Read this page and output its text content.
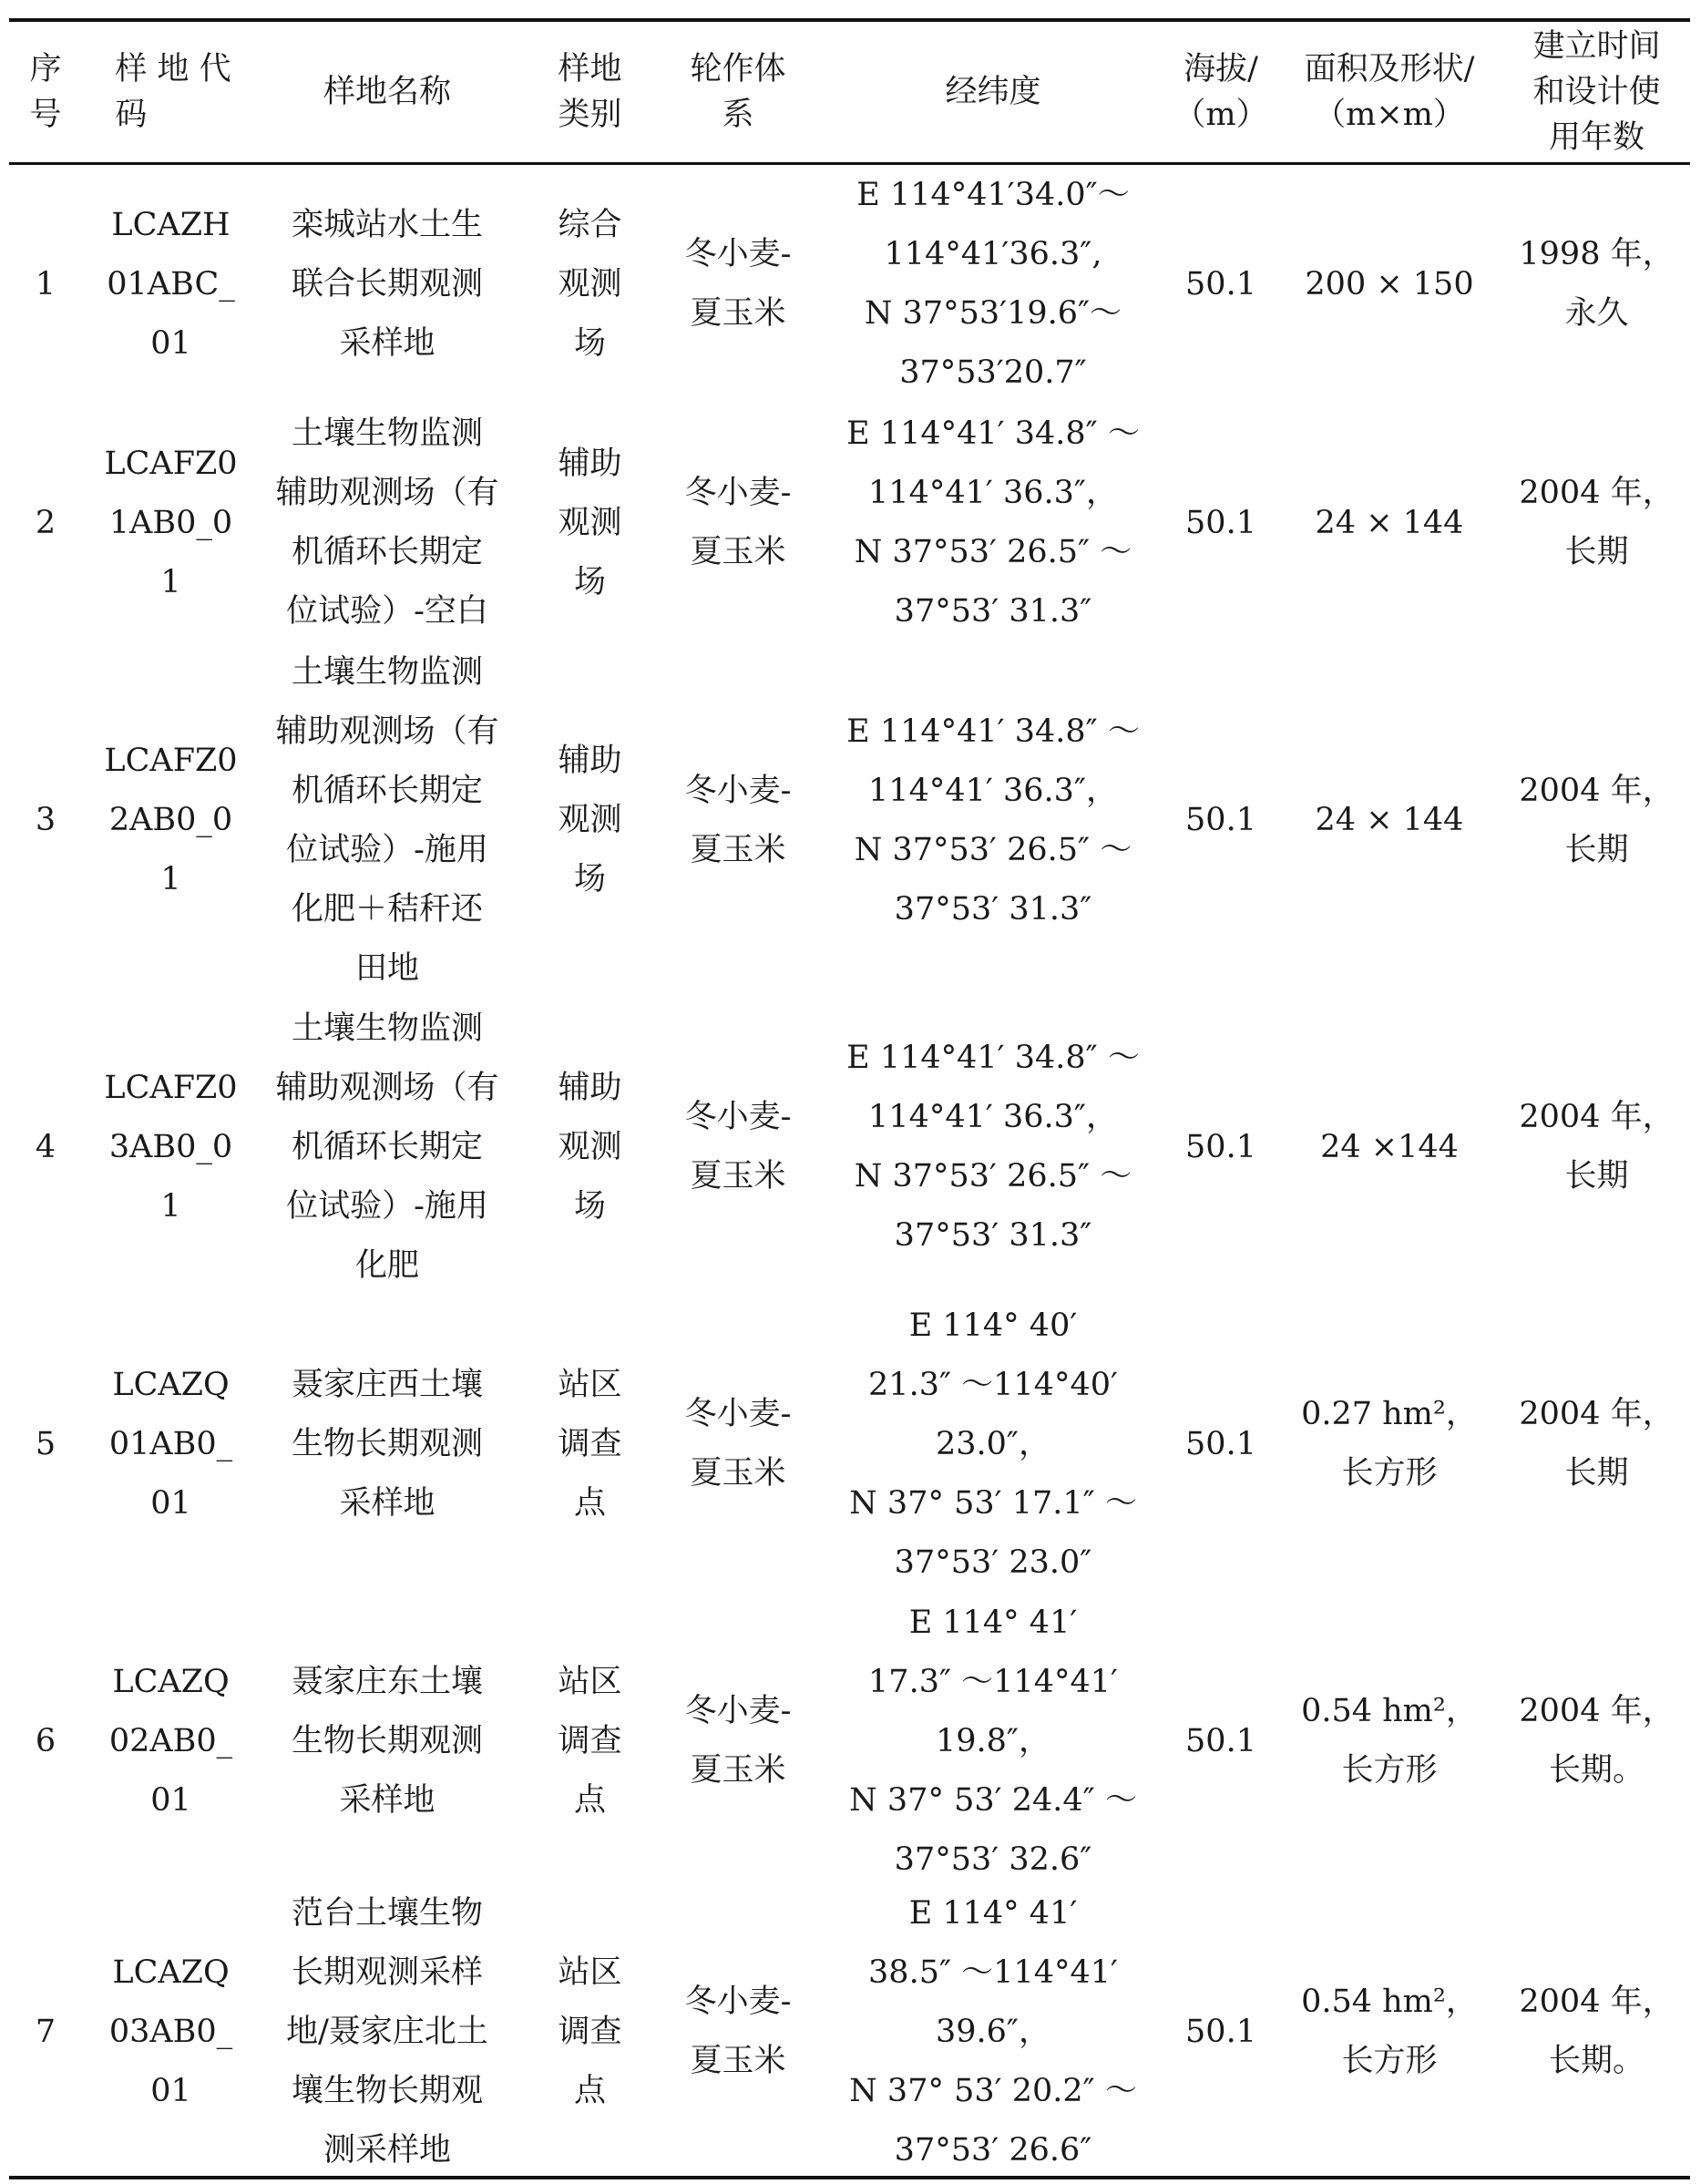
序
号
样 地 代
码
样地名称
样地
类别
轮作体
系
经纬度
海拔/
（m）
面积及形状/
（m×m）
建立时间
和设计使
用年数
1
LCAZH
01ABC_
01
栾城站水土生
联合长期观测
采样地
综合
观测
场
冬小麦-
夏玉米
E 114°41′34.0″～
114°41′36.3″,
N 37°53′19.6″～
37°53′20.7″
50.1 200 × 150
1998 年，
永久
2
LCAFZ0
1AB0_0
1
土壤生物监测
辅助观测场（有
机循环长期定
位试验）-空白
辅助
观测
场
冬小麦-
夏玉米
E 114°41′ 34.8″ ～
114°41′ 36.3″，
N 37°53′ 26.5″ ～
37°53′ 31.3″
50.1 24 × 144
2004 年，
长期
3
LCAFZ0
2AB0_0
1
土壤生物监测
辅助观测场（有
机循环长期定
位试验）-施用
化肥＋秸秆还
田地
辅助
观测
场
冬小麦-
夏玉米
E 114°41′ 34.8″ ～
114°41′ 36.3″，
N 37°53′ 26.5″ ～
37°53′ 31.3″
50.1 24 × 144
2004 年，
长期
4
LCAFZ0
3AB0_0
1
土壤生物监测
辅助观测场（有
机循环长期定
位试验）-施用
化肥
辅助
观测
场
冬小麦-
夏玉米
E 114°41′ 34.8″ ～
114°41′ 36.3″，
N 37°53′ 26.5″ ～
37°53′ 31.3″
50.1 24 ×144
2004 年，
长期
5
LCAZQ
01AB0_
01
聂家庄西土壤
生物长期观测
采样地
站区
调查
点
冬小麦-
夏玉米
E 114° 40′
21.3″ ～114°40′
23.0″，
N 37° 53′ 17.1″ ～
37°53′ 23.0″
50.1
0.27 hm²，
长方形
2004 年，
长期
6
LCAZQ
02AB0_
01
聂家庄东土壤
生物长期观测
采样地
站区
调查
点
冬小麦-
夏玉米
E 114° 41′
17.3″ ～114°41′
19.8″，
N 37° 53′ 24.4″ ～
37°53′ 32.6″
50.1
0.54 hm²，
长方形
2004 年，
长期。
7
LCAZQ
03AB0_
01
范台土壤生物
长期观测采样
地/聂家庄北土
壤生物长期观
测采样地
站区
调查
点
冬小麦-
夏玉米
E 114° 41′
38.5″ ～114°41′
39.6″，
N 37° 53′ 20.2″ ～
37°53′ 26.6″
50.1
0.54 hm²，
长方形
2004 年，
长期。
